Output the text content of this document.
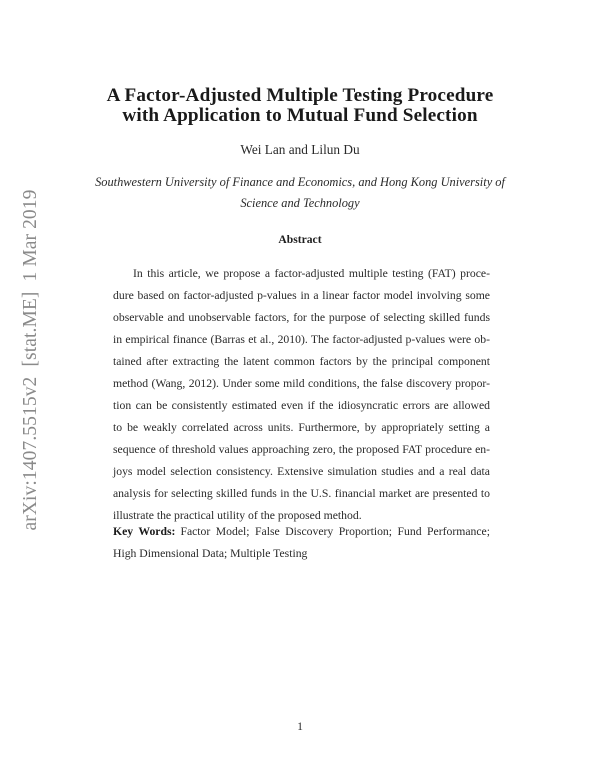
arXiv:1407.5515v2[stat.ME]1 Mar 2019
A Factor-Adjusted Multiple Testing Procedure
with Application to Mutual Fund Selection
Wei Lan and Lilun Du
Southwestern University of Finance and Economics, and Hong Kong University of
Science and Technology
Abstract
In this article, we propose a factor-adjusted multiple testing (FAT) proce-
dure based on factor-adjusted p-values in a linear factor model involving some
observable and unobservable factors, for the purpose of selecting skilled funds
in empirical finance (Barras et al., 2010). The factor-adjusted p-values were ob-
tained after extracting the latent common factors by the principal component
method (Wang, 2012). Under some mild conditions, the false discovery propor-
tion can be consistently estimated even if the idiosyncratic errors are allowed
to be weakly correlated across units. Furthermore, by appropriately setting a
sequence of threshold values approaching zero, the proposed FAT procedure en-
joys model selection consistency. Extensive simulation studies and a real data
analysis for selecting skilled funds in the U.S. financial market are presented to
illustrate the practical utility of the proposed method.
Key Words: Factor Model; False Discovery Proportion; Fund Performance;
High Dimensional Data; Multiple Testing
1
